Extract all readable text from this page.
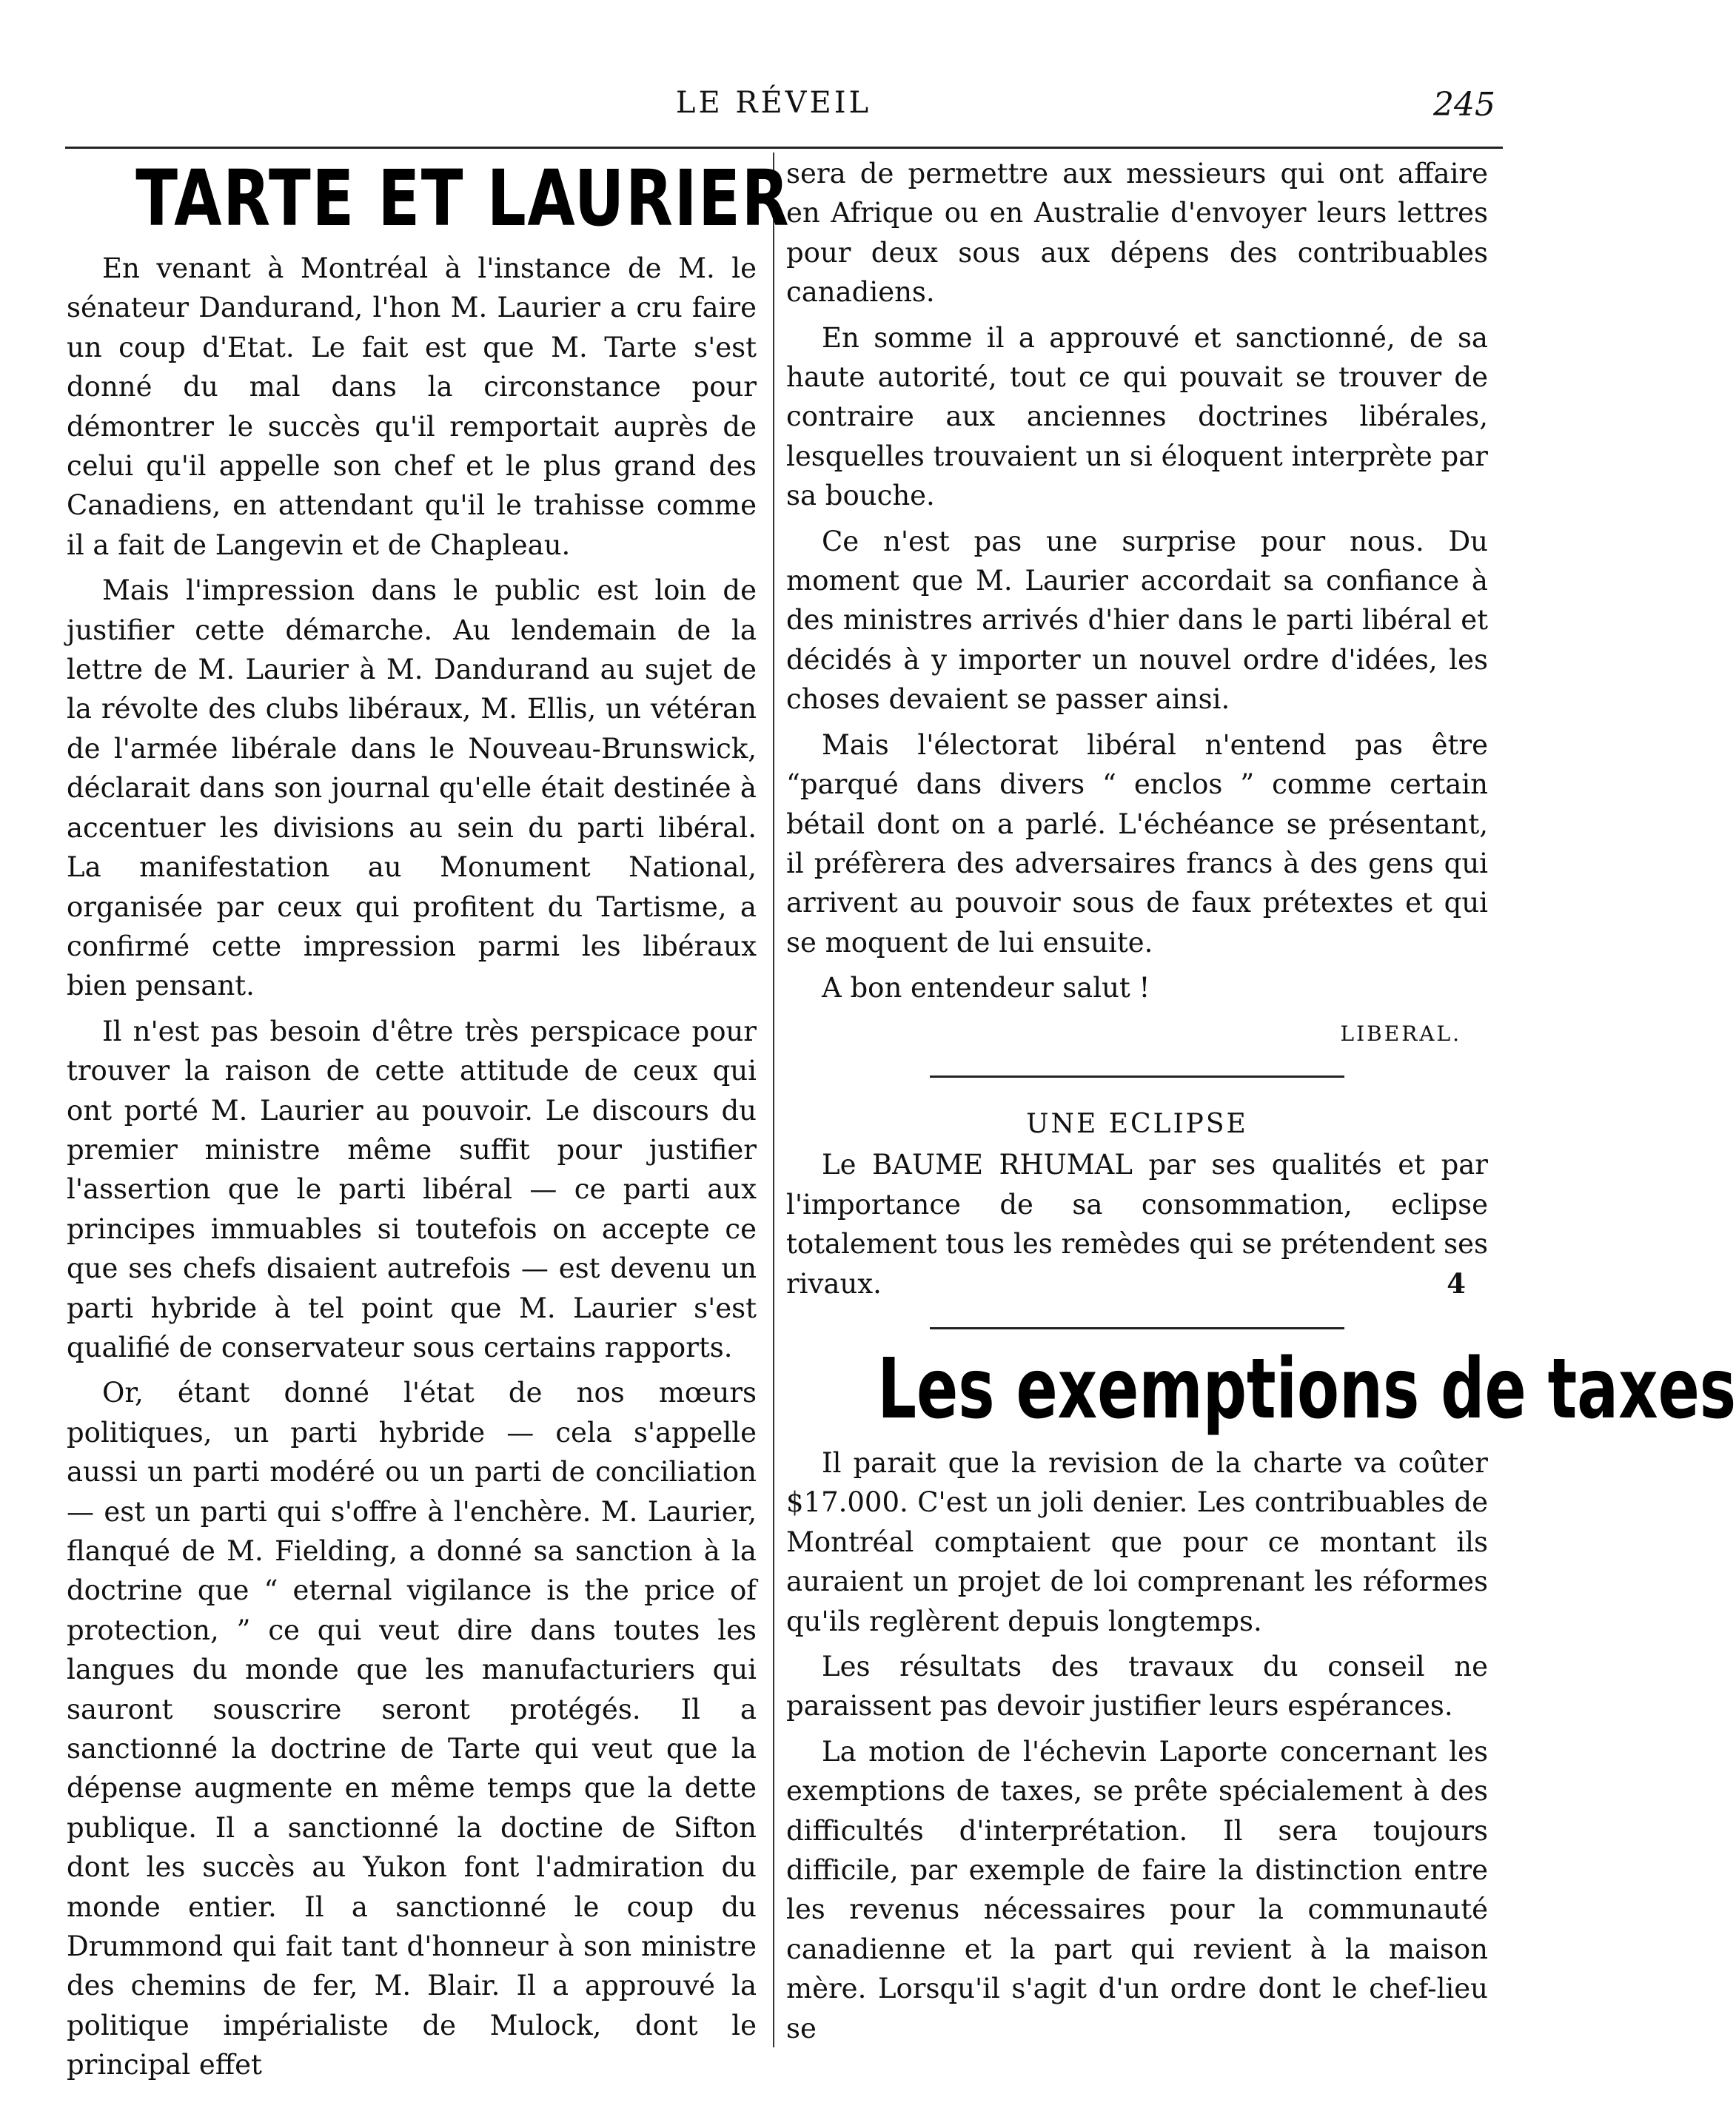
LE RÉVEIL	245
TARTE ET LAURIER

En venant à Montréal à l'instance de M. le sénateur Dandurand, l'hon M. Laurier a cru faire un coup d'Etat. Le fait est que M. Tarte s'est donné du mal dans la circonstance pour démontrer le succès qu'il remportait auprès de celui qu'il appelle son chef et le plus grand des Canadiens, en attendant qu'il le trahisse comme il a fait de Langevin et de Chapleau.

Mais l'impression dans le public est loin de justifier cette démarche. Au lendemain de la lettre de M. Laurier à M. Dandurand au sujet de la révolte des clubs libéraux, M. Ellis, un vétéran de l'armée libérale dans le Nouveau-Brunswick, déclarait dans son journal qu'elle était destinée à accentuer les divisions au sein du parti libéral. La manifestation au Monument National, organisée par ceux qui profitent du Tartisme, a confirmé cette impression parmi les libéraux bien pensant.

Il n'est pas besoin d'être très perspicace pour trouver la raison de cette attitude de ceux qui ont porté M. Laurier au pouvoir. Le discours du premier ministre même suffit pour justifier l'assertion que le parti libéral — ce parti aux principes immuables si toutefois on accepte ce que ses chefs disaient autrefois — est devenu un parti hybride à tel point que M. Laurier s'est qualifié de conservateur sous certains rapports.

Or, étant donné l'état de nos mœurs politiques, un parti hybride — cela s'appelle aussi un parti modéré ou un parti de conciliation — est un parti qui s'offre à l'enchère. M. Laurier, flanqué de M. Fielding, a donné sa sanction à la doctrine que “ eternal vigilance is the price of protection, ” ce qui veut dire dans toutes les langues du monde que les manufacturiers qui sauront souscrire seront protégés. Il a sanctionné la doctrine de Tarte qui veut que la dépense augmente en même temps que la dette publique. Il a sanctionné la doctine de Sifton dont les succès au Yukon font l'admiration du monde entier. Il a sanctionné le coup du Drummond qui fait tant d'honneur à son ministre des chemins de fer, M. Blair. Il a approuvé la politique impérialiste de Mulock, dont le principal effet

sera de permettre aux messieurs qui ont affaire en Afrique ou en Australie d'envoyer leurs lettres pour deux sous aux dépens des contribuables canadiens.

En somme il a approuvé et sanctionné, de sa haute autorité, tout ce qui pouvait se trouver de contraire aux anciennes doctrines libérales, lesquelles trouvaient un si éloquent interprète par sa bouche.

Ce n'est pas une surprise pour nous. Du moment que M. Laurier accordait sa confiance à des ministres arrivés d'hier dans le parti libéral et décidés à y importer un nouvel ordre d'idées, les choses devaient se passer ainsi.

Mais l'électorat libéral n'entend pas être “parqué dans divers “ enclos ” comme certain bétail dont on a parlé. L'échéance se présentant, il préfèrera des adversaires francs à des gens qui arrivent au pouvoir sous de faux prétextes et qui se moquent de lui ensuite.

A bon entendeur salut !

LIBERAL.
UNE ECLIPSE

Le BAUME RHUMAL par ses qualités et par l'importance de sa consommation, eclipse totalement tous les remèdes qui se prétendent ses rivaux.	4

Les exemptions de taxes

Il parait que la revision de la charte va coûter $17.000. C'est un joli denier. Les contribuables de Montréal comptaient que pour ce montant ils auraient un projet de loi comprenant les réformes qu'ils reglèrent depuis longtemps.

Les résultats des travaux du conseil ne paraissent pas devoir justifier leurs espérances.

La motion de l'échevin Laporte concernant les exemptions de taxes, se prête spécialement à des difficultés d'interprétation. Il sera toujours difficile, par exemple de faire la distinction entre les revenus nécessaires pour la communauté canadienne et la part qui revient à la maison mère. Lorsqu'il s'agit d'un ordre dont le chef-lieu se
